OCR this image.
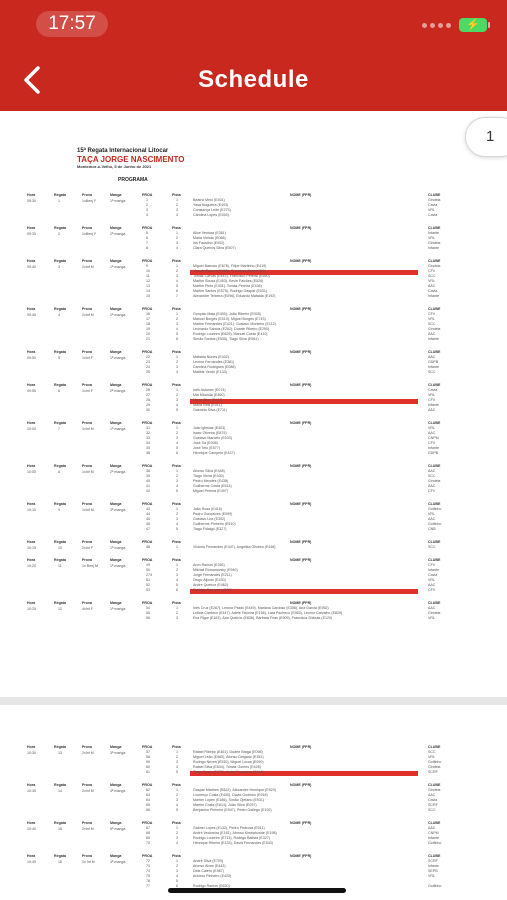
17:57	⚡
Schedule
15ª Regata Internacional Litocar
TAÇA JORGE NASCIMENTO
Montemor-o-Velho, 5 de Junho de 2021
PROGRAMA
Hora	Regata	Prova	Manga	PROA	Pista	NOME (FPR)	CLUBE
09:30	1	1xBenj F	1ª manga	1	1	Beatriz Melo (E401)	Gindeia
2	2	Yasa Nogueira (E403)	Cavia
3	3	Constança Leite (E273)	VRL
4	4	Carolina Lopes (E000)	Cavia
Hora	Regata	Prova	Manga	PROA	Pista	NOME (FPR)	CLUBE
09:35	2	1xBenj F	2ª manga	5	1	Alice Ventura (E361)	Infante
6	2	Maria Vieiras (E068)	VRL
7	3	Iris Faustino (E002)	Gindeia
8	4	Clara Queiros Silva (E507)	Infante
Hora	Regata	Prova	Manga	PROA	Pista	NOME (FPR)	CLUBE
09:40	3	2xInf M	1ª manga	9	1	Miguel Barroso (E678), Filipe Martinho (E419)	Gindeia
10	2	Vicente Ramos (E465), Francisco Nunes (E6)	CFV
11	3	Tomás Carvas (E443), Francisco Pereira (E550)	SCC
12	4	Martim Sousa (E453), Kevin Falcões (E526)	VRL
13	5	Martim Pinto (E431), Tomás Pereira (E436)	AAC
14	6	Martim Santos (E575), Rodrigo Gaspar (E031)	Cavia
15	7	Alexandre Teixeira (E096), Eduardo Mafalda (E192)	Infante
Hora	Regata	Prova	Manga	PROA	Pista	NOME (FPR)	CLUBE
09:45	4	2xInf M	2ª manga	16	1	Gonçalo Maia (E400), João Ribeiro (E005)	CFV
17	2	Manuel Borges (E019), Miguel Borges (E743)	VRL
18	3	Martim Fernandes (E421), Gustavo Monteiro (E112)	SCC
19	4	Leonardo Santos (E262), Duarte Ribeiro (E290)	Gindeia
20	5	Rodrigo Loureiro (E629), Manuel Costa (E410)	AAC
21	6	Simão Santos (E505), Tiago Silva (E561)	Infante
Hora	Regata	Prova	Manga	PROA	Pista	NOME (FPR)	CLUBE
09:50	5	1xInf F	1ª manga	22	1	Mafalda Nunes (E432)	AAC
23	2	Leonor Fernandes (E381)	GDPB
24	3	Carolina Rodrigues (E088)	Infante
25	4	Matilde Verde (E133)	SCC
Hora	Regata	Prova	Manga	PROA	Pista	NOME (FPR)	CLUBE
09:55	6	1xInf F	2ª manga	26	1	Inês Antunes (E074)	Cavia
27	2	Mia Miranda (E460)	VRL
28	3	Marta Silva (E412)	CFV
29	4	Maria Reis (E011)	Infante
30	5	Gabriela Silva (E711)	AAC
Hora	Regata	Prova	Manga	PROA	Pista	NOME (FPR)	CLUBE
10:00	7	1xInf M	1ª manga	31	1	Julio Iglesias (E403)	VRL
32	2	Isaac Oliveira (E879)	AAC
33	3	Gustavo Marcelo (E033)	CNPM
34	4	José Sá (E008)	CFV
35	5	José Telo (E577)	Infante
36	6	Henrique Campelo (E437)	GDPB
Hora	Regata	Prova	Manga	PROA	Pista	NOME (FPR)	CLUBE
10:05	8	1xInf M	2ª manga	38	1	Afonso Silva (E448)	AAC
39	2	Tiago Vieira (E430)	SCC
40	3	Pedro Mendes (E438)	Gindeia
41	4	Guilherme Costa (E514)	AAC
42	5	Miguel Pereira (E497)	CFV
Hora	Regata	Prova	Manga	PROA	Pista	NOME (FPR)	CLUBE
10:10	9	1xInf M	3ª manga	43	1	João Rosa (E416)	Golfinho
44	2	Pedro Gonçalves (E099)	VRL
45	3	Gustavo Lira (E392)	AAC
46	4	Guilherme Pinheiro (E510)	Golfinho
47	5	Tiago Fidalgo (E327)	CNB
Hora	Regata	Prova	Manga	PROA	Pista	NOME (FPR)	CLUBE
10:15	10	2xInf F	1ª manga	48	1	Victória Fernandes (E447), Angelika Oliveira (E448)	SCC
Hora	Regata	Prova	Manga	PROA	Pista	NOME (FPR)	CLUBE
10:20	11	1x Benj M	1ª manga	49	1	Aron Ramos (E392)	CFV
50	2	Mikhail Romanovsky (E940)	Infante
274	3	Jorge Fernandes (E211)	Cavia
51	4	Diogo Aljusto (E430)	VRL
52	5	Andre Queiroz (E462)	AAC
53	6	Rodrigo Sarmento (E00)	CFV
Hora	Regata	Prova	Manga	PROA	Pista	NOME (FPR)	CLUBE
10:25	12	4xInf F	1ª manga	54	1	Inês Cruz (E267), Leonor Prado (E449), Mariana Cardoso (E358), Ana Garcia (E952)	AAC
55	2	Leticia Cardoso (E447), Adele Teixeira (E156), Lara Pacheco (E963), Leonor Carvalho (E829)	Gindeia
56	3	Eva Rigor (E163), Ana Queirós (E836), Bárbara Frias (E909), Francisca Shibuta (E120)	VRL
Hora	Regata	Prova	Manga	PROA	Pista	NOME (FPR)	CLUBE
10:30	13	2xInf M	3ª manga	57	1	Rafael Ribeiro (E461), Duarte Braga (E098)	SCC
58	2	Miguel Leão (E960), Afonso Delgado (E351)	VRL
59	3	Rodrigo Neves (E530), Miguel Lucas (E990)	Golfinho
60	4	Rafael Silva (E634), Tomás Gomes (E428)	Gindeia
61	5	Tiago Costa (E622), André Francisco (E448)	SCRF
Hora	Regata	Prova	Manga	PROA	Pista	NOME (FPR)	CLUBE
10:35	14	2xInf M	4ª manga	62	1	Gaspar Mártires (E822), Alexandre Henrique (E923)	Gindeia
63	2	Lourenço Costa (E400), David Godinho (E918)	AAC
64	3	Martim Lopes (E186), Simão Ojetanu (E931)	Cavia
65	4	Martim Costa (E614), João Silva (E097)	SCRF
66	5	Benjamim Pinheiro (E947), Pedro Gallego (E192)	SCC
Hora	Regata	Prova	Manga	PROA	Pista	NOME (FPR)	CLUBE
10:40	15	2xInf M	5ª manga	67	1	Gabriel Lopes (E132), Pedro Pedrosa (E011)	AAC
68	2	André Vedoreira (E161), Afonso Kimbahunde (E198)	CNPM
69	3	Rodrigo Loureiro (E713), Rodrigo Batista (E327)	Infante
70	4	Henrique Ribeiro (E133), David Fernandes (E543)	Golfinho
Hora	Regata	Prova	Manga	PROA	Pista	NOME (FPR)	CLUBE
10:45	16	1x Inf M	4ª manga	72	1	André Silva (E700)	SCRF
73	2	Afonso Alves (E443)	Infante
74	3	Dela Calero (E987)	SEPB
75	4	António Pinheiro (E420)	VRL
76	5
77	6	Rodrigo Ramos (E630)	Golfinho
1
